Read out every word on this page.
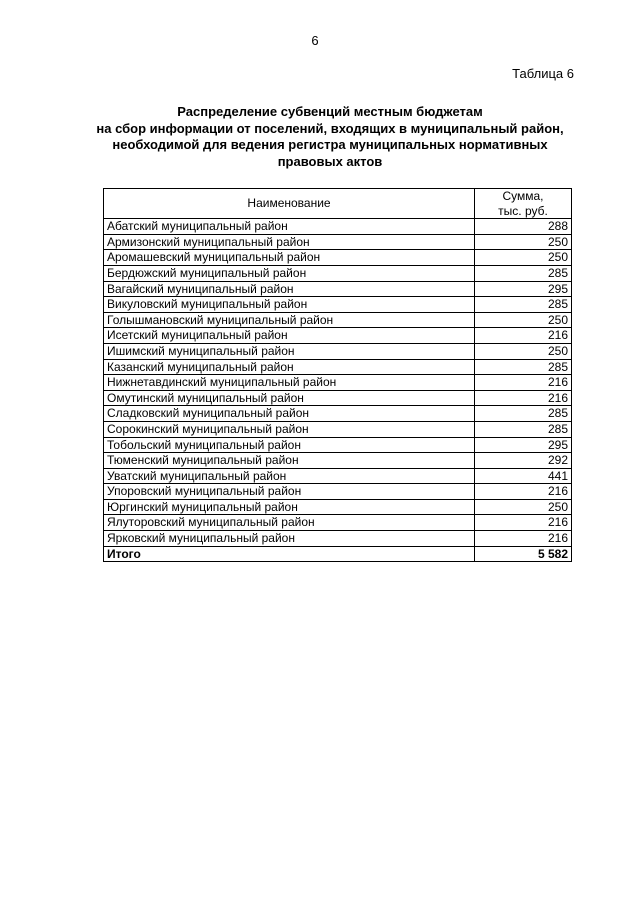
6
Таблица 6
Распределение субвенций местным бюджетам
на сбор информации от поселений, входящих в муниципальный район,
необходимой для ведения регистра муниципальных нормативных
правовых актов
Наименование	Сумма,
тыс. руб.

Абатский муниципальный район	288
Армизонский муниципальный район	250
Аромашевский муниципальный район	250
Бердюжский муниципальный район	285
Вагайский муниципальный район	295
Викуловский муниципальный район	285
Голышмановский муниципальный район	250
Исетский муниципальный район	216
Ишимский муниципальный район	250
Казанский муниципальный район	285
Нижнетавдинский муниципальный район	216
Омутинский муниципальный район	216
Сладковский муниципальный район	285
Сорокинский муниципальный район	285
Тобольский муниципальный район	295
Тюменский муниципальный район	292
Уватский муниципальный район	441
Упоровский муниципальный район	216
Юргинский муниципальный район	250
Ялуторовский муниципальный район	216
Ярковский муниципальный район	216
Итого	5 582
